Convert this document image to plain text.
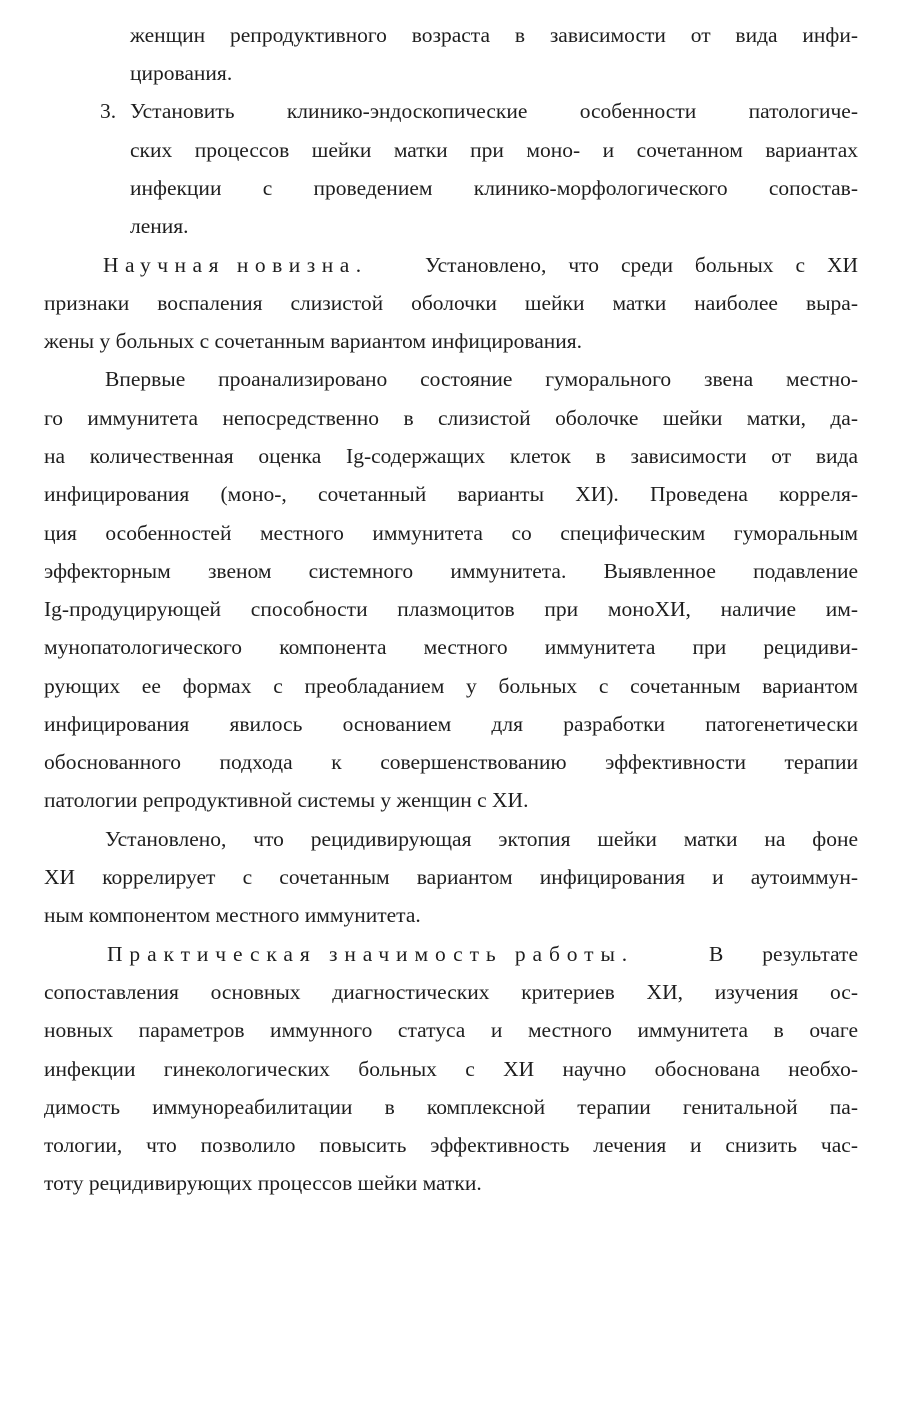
женщин репродуктивного возраста в зависимости от вида инфи-
цирования.
3. Установить клинико-эндоскопические особенности патологиче-
ских процессов шейки матки при моно- и сочетанном вариантах
инфекции с проведением клинико-морфологического сопостав-
ления.
Научная новизна.	Установлено, что среди больных с ХИ
признаки воспаления слизистой оболочки шейки матки наиболее выра-
жены у больных с сочетанным вариантом инфицирования.
Впервые проанализировано состояние гуморального звена местно-
го иммунитета непосредственно в слизистой оболочке шейки матки, да-
на количественная оценка Ig-содержащих клеток в зависимости от вида
инфицирования (моно-, сочетанный варианты ХИ). Проведена корреля-
ция особенностей местного иммунитета со специфическим гуморальным
эффекторным звеном системного иммунитета. Выявленное подавление
Ig-продуцирующей способности плазмоцитов при моноХИ, наличие им-
мунопатологического компонента местного иммунитета при рецидиви-
рующих ее формах с преобладанием у больных с сочетанным вариантом
инфицирования явилось основанием для разработки патогенетически
обоснованного подхода к совершенствованию эффективности терапии
патологии репродуктивной системы у женщин с ХИ.
Установлено, что рецидивирующая эктопия шейки матки на фоне
ХИ коррелирует с сочетанным вариантом инфицирования и аутоиммун-
ным компонентом местного иммунитета.
Практическая значимость работы.	В результате
сопоставления основных диагностических критериев ХИ, изучения ос-
новных параметров иммунного статуса и местного иммунитета в очаге
инфекции гинекологических больных с ХИ научно обоснована необхо-
димость иммунореабилитации в комплексной терапии генитальной па-
тологии, что позволило повысить эффективность лечения и снизить час-
тоту рецидивирующих процессов шейки матки.
